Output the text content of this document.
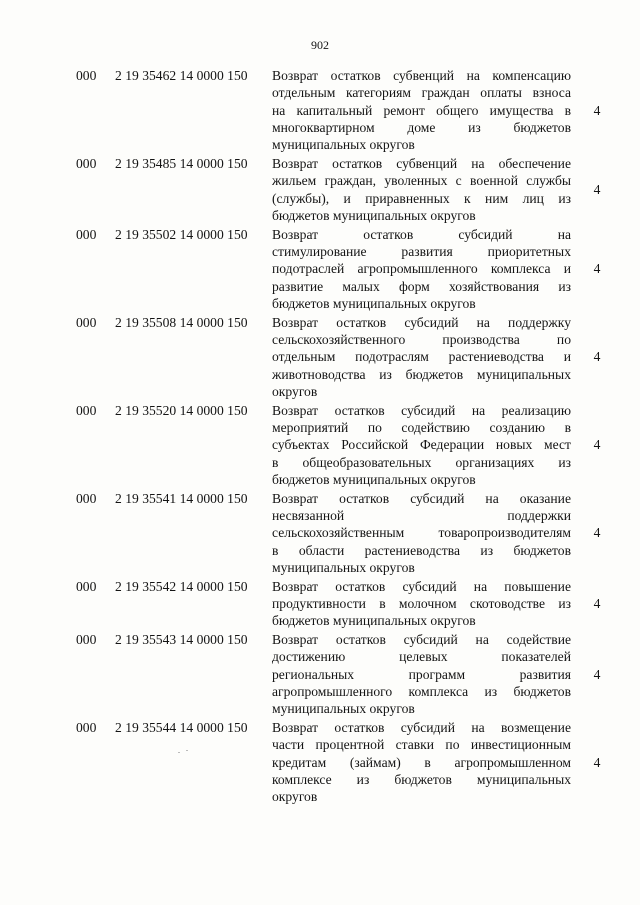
902
000	2 19 35462 14 0000 150	Возврат остатков субвенций на компенсацию
отдельным категориям граждан оплаты взноса
на капитальный ремонт общего имущества в
многоквартирном доме из бюджетов
муниципальных округов
4
000	2 19 35485 14 0000 150	Возврат остатков субвенций на обеспечение
жильем граждан, уволенных с военной службы
(службы), и приравненных к ним лиц из
бюджетов муниципальных округов
4
000	2 19 35502 14 0000 150	Возврат остатков субсидий на
стимулирование развития приоритетных
подотраслей агропромышленного комплекса и
развитие малых форм хозяйствования из
бюджетов муниципальных округов
4
000	2 19 35508 14 0000 150	Возврат остатков субсидий на поддержку
сельскохозяйственного производства по
отдельным подотраслям растениеводства и
животноводства из бюджетов муниципальных
округов
4
000	2 19 35520 14 0000 150	Возврат остатков субсидий на реализацию
мероприятий по содействию созданию в
субъектах Российской Федерации новых мест
в общеобразовательных организациях из
бюджетов муниципальных округов
4
000	2 19 35541 14 0000 150	Возврат остатков субсидий на оказание
несвязанной поддержки
сельскохозяйственным товаропроизводителям
в области растениеводства из бюджетов
муниципальных округов
4
000	2 19 35542 14 0000 150	Возврат остатков субсидий на повышение
продуктивности в молочном скотоводстве из
бюджетов муниципальных округов
4
000	2 19 35543 14 0000 150	Возврат остатков субсидий на содействие
достижению целевых показателей
региональных программ развития
агропромышленного комплекса из бюджетов
муниципальных округов
4
000	2 19 35544 14 0000 150	Возврат остатков субсидий на возмещение
части процентной ставки по инвестиционным
кредитам (займам) в агропромышленном
комплексе из бюджетов муниципальных
округов
4
